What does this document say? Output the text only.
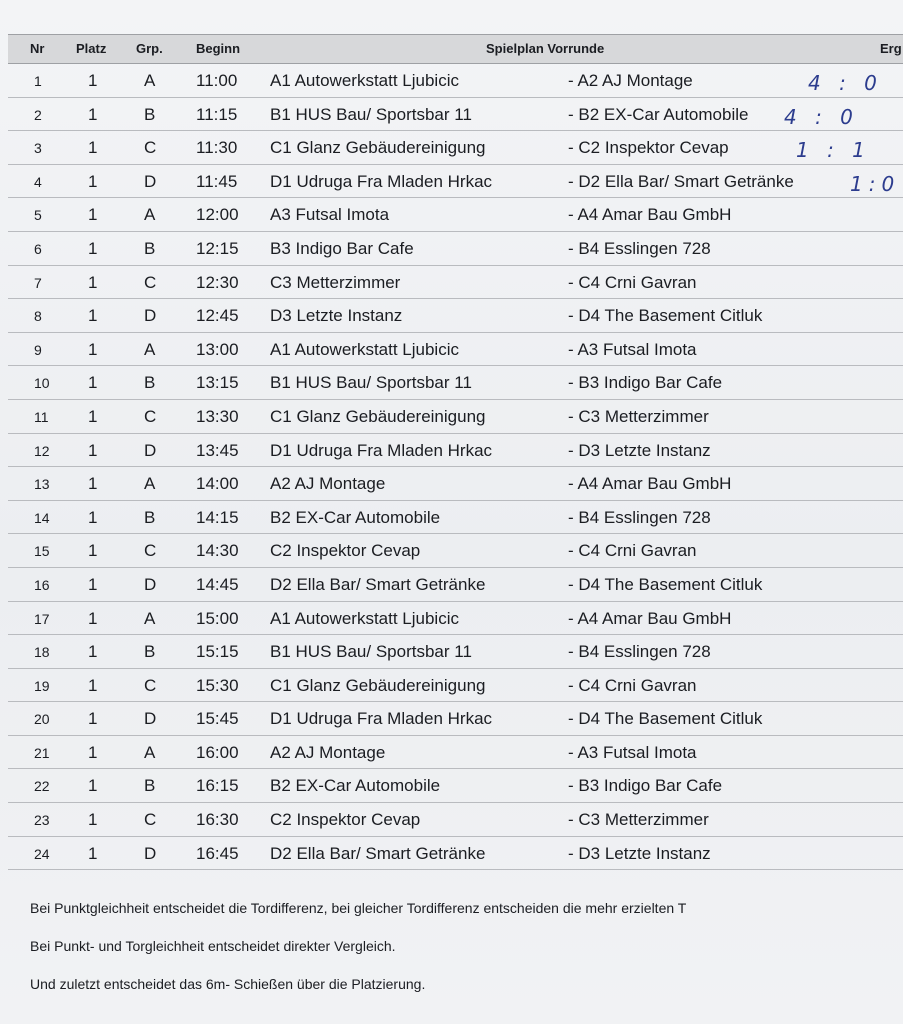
Nr Platz Grp.	Beginn	Spielplan Vorrunde	Erg
1	1	A 11:00 A1 Autowerkstatt Ljubicic	- A2 AJ Montage	4 : 0
2	1	B 11:15 B1 HUS Bau/ Sportsbar 11	- B2 EX-Car Automobile 4 : 0
3	1	C 11:30 C1 Glanz Gebäudereinigung	- C2 Inspektor Cevap	1 : 1
4	1	D 11:45 D1 Udruga Fra Mladen Hrkac	- D2 Ella Bar/ Smart Getränke	1:0
5	1	A 12:00 A3 Futsal Imota	- A4 Amar Bau GmbH
6	1	B 12:15 B3 Indigo Bar Cafe	- B4 Esslingen 728
7	1	C 12:30 C3 Metterzimmer	- C4 Crni Gavran
8	1	D 12:45 D3 Letzte Instanz	- D4 The Basement Citluk
9	1	A 13:00 A1 Autowerkstatt Ljubicic	- A3 Futsal Imota
10 1	B 13:15 B1 HUS Bau/ Sportsbar 11	- B3 Indigo Bar Cafe
11 1	C 13:30 C1 Glanz Gebäudereinigung	- C3 Metterzimmer
12 1	D 13:45 D1 Udruga Fra Mladen Hrkac	- D3 Letzte Instanz
13 1	A 14:00 A2 AJ Montage	- A4 Amar Bau GmbH
14 1	B 14:15 B2 EX-Car Automobile	- B4 Esslingen 728
15 1	C 14:30 C2 Inspektor Cevap	- C4 Crni Gavran
16 1	D 14:45 D2 Ella Bar/ Smart Getränke	- D4 The Basement Citluk
17 1	A 15:00 A1 Autowerkstatt Ljubicic	- A4 Amar Bau GmbH
18 1	B 15:15 B1 HUS Bau/ Sportsbar 11	- B4 Esslingen 728
19 1	C 15:30 C1 Glanz Gebäudereinigung	- C4 Crni Gavran
20 1	D 15:45 D1 Udruga Fra Mladen Hrkac	- D4 The Basement Citluk
21 1	A 16:00 A2 AJ Montage	- A3 Futsal Imota
22 1	B 16:15 B2 EX-Car Automobile	- B3 Indigo Bar Cafe
23 1	C 16:30 C2 Inspektor Cevap	- C3 Metterzimmer
24 1	D 16:45 D2 Ella Bar/ Smart Getränke	- D3 Letzte Instanz

Bei Punktgleichheit entscheidet die Tordifferenz, bei gleicher Tordifferenz entscheiden die mehr erzielten T

Bei Punkt- und Torgleichheit entscheidet direkter Vergleich.

Und zuletzt entscheidet das 6m- Schießen über die Platzierung.
